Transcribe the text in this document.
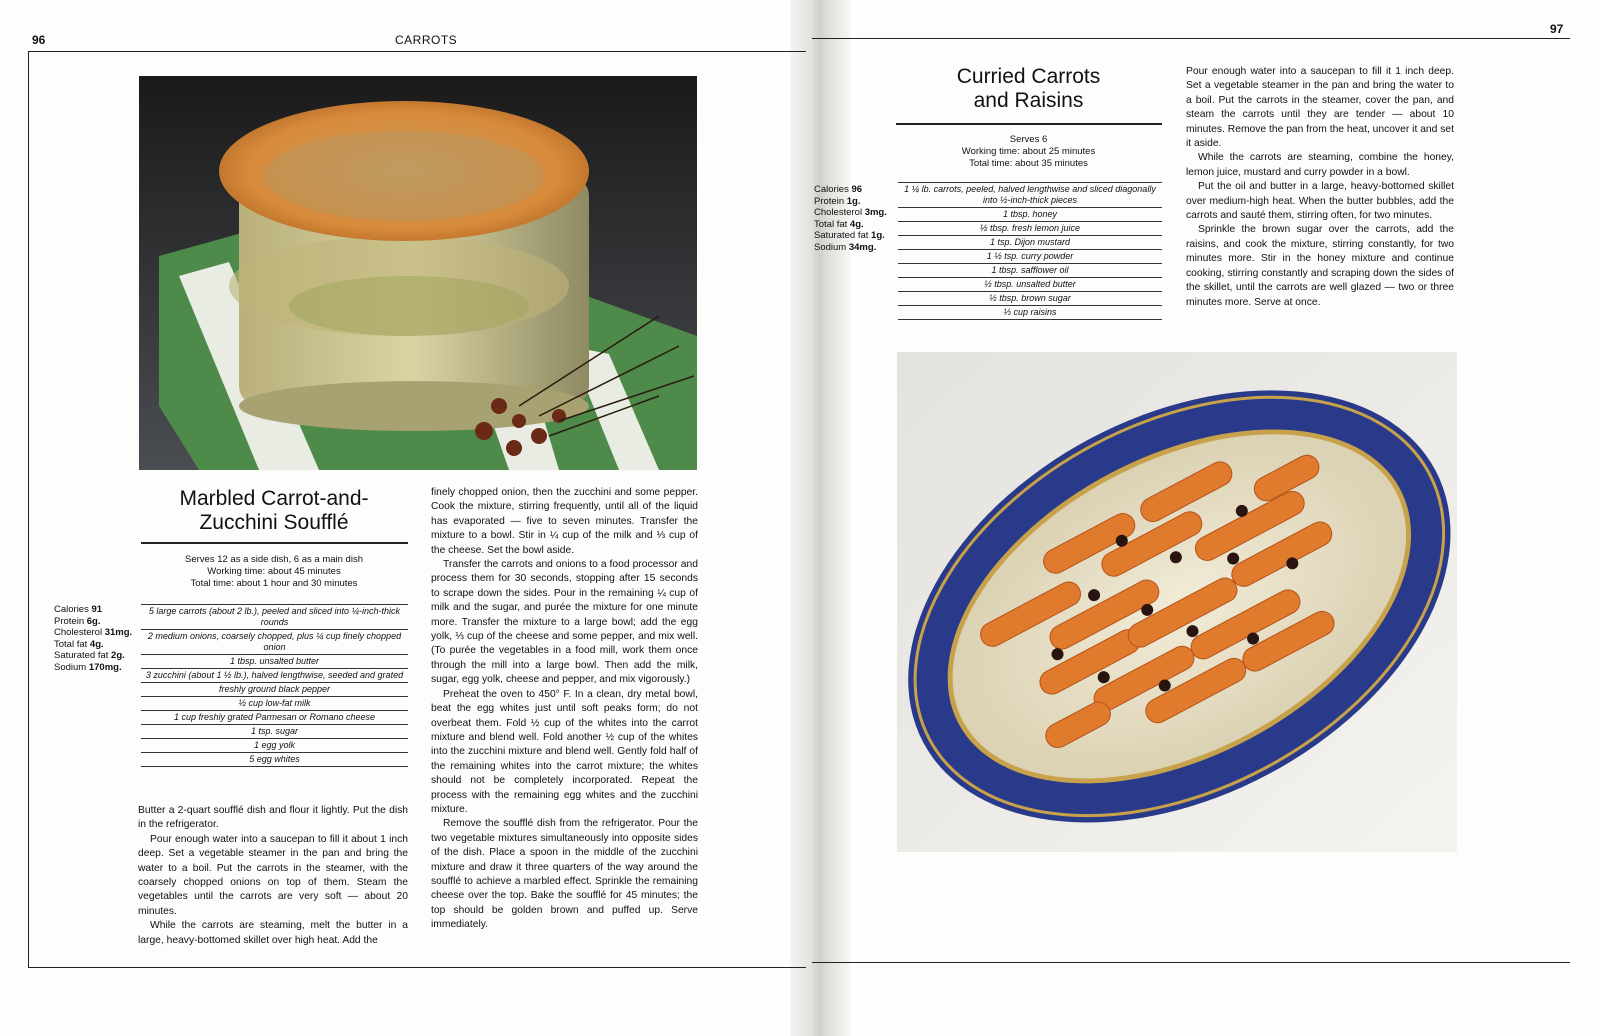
96	CARROTS
Marbled Carrot-and-
Zucchini Soufflé
Serves 12 as a side dish, 6 as a main dish
Working time: about 45 minutes
Total time: about 1 hour and 30 minutes
Calories 91
Protein 6g.
Cholesterol 31mg.
Total fat 4g.
Saturated fat 2g.
Sodium 170mg.
5 large carrots (about 2 lb.), peeled and sliced into ¼-inch-thick rounds
2 medium onions, coarsely chopped, plus ¼ cup finely chopped onion
1 tbsp. unsalted butter
3 zucchini (about 1 ½ lb.), halved lengthwise, seeded and grated
freshly ground black pepper
½ cup low-fat milk
1 cup freshly grated Parmesan or Romano cheese
1 tsp. sugar
1 egg yolk
5 egg whites

Butter a 2-quart soufflé dish and flour it lightly. Put the dish in the refrigerator.

Pour enough water into a saucepan to fill it about 1 inch deep. Set a vegetable steamer in the pan and bring the water to a boil. Put the carrots in the steamer, with the coarsely chopped onions on top of them. Steam the vegetables until the carrots are very soft — about 20 minutes.

While the carrots are steaming, melt the butter in a large, heavy-bottomed skillet over high heat. Add the

finely chopped onion, then the zucchini and some pepper. Cook the mixture, stirring frequently, until all of the liquid has evaporated — five to seven minutes. Transfer the mixture to a bowl. Stir in ¼ cup of the milk and ⅓ cup of the cheese. Set the bowl aside.

Transfer the carrots and onions to a food processor and process them for 30 seconds, stopping after 15 seconds to scrape down the sides. Pour in the remaining ¼ cup of milk and the sugar, and purée the mixture for one minute more. Transfer the mixture to a large bowl; add the egg yolk, ⅓ cup of the cheese and some pepper, and mix well. (To purée the vegetables in a food mill, work them once through the mill into a large bowl. Then add the milk, sugar, egg yolk, cheese and pepper, and mix vigorously.)

Preheat the oven to 450° F. In a clean, dry metal bowl, beat the egg whites just until soft peaks form; do not overbeat them. Fold ½ cup of the whites into the carrot mixture and blend well. Fold another ½ cup of the whites into the zucchini mixture and blend well. Gently fold half of the remaining whites into the carrot mixture; the whites should not be completely incorporated. Repeat the process with the remaining egg whites and the zucchini mixture.

Remove the soufflé dish from the refrigerator. Pour the two vegetable mixtures simultaneously into opposite sides of the dish. Place a spoon in the middle of the zucchini mixture and draw it three quarters of the way around the soufflé to achieve a marbled effect. Sprinkle the remaining cheese over the top. Bake the soufflé for 45 minutes; the top should be golden brown and puffed up. Serve immediately.

97
Curried Carrots
and Raisins
Serves 6
Working time: about 25 minutes
Total time: about 35 minutes
Calories 96
Protein 1g.
Cholesterol 3mg.
Total fat 4g.
Saturated fat 1g.
Sodium 34mg.
1 ¼ lb. carrots, peeled, halved lengthwise and sliced diagonally into ½-inch-thick pieces
1 tbsp. honey
½ tbsp. fresh lemon juice
1 tsp. Dijon mustard
1 ½ tsp. curry powder
1 tbsp. safflower oil
½ tbsp. unsalted butter
½ tbsp. brown sugar
⅓ cup raisins

Pour enough water into a saucepan to fill it 1 inch deep. Set a vegetable steamer in the pan and bring the water to a boil. Put the carrots in the steamer, cover the pan, and steam the carrots until they are tender — about 10 minutes. Remove the pan from the heat, uncover it and set it aside.

While the carrots are steaming, combine the honey, lemon juice, mustard and curry powder in a bowl.

Put the oil and butter in a large, heavy-bottomed skillet over medium-high heat. When the butter bubbles, add the carrots and sauté them, stirring often, for two minutes.

Sprinkle the brown sugar over the carrots, add the raisins, and cook the mixture, stirring constantly, for two minutes more. Stir in the honey mixture and continue cooking, stirring constantly and scraping down the sides of the skillet, until the carrots are well glazed — two or three minutes more. Serve at once.
